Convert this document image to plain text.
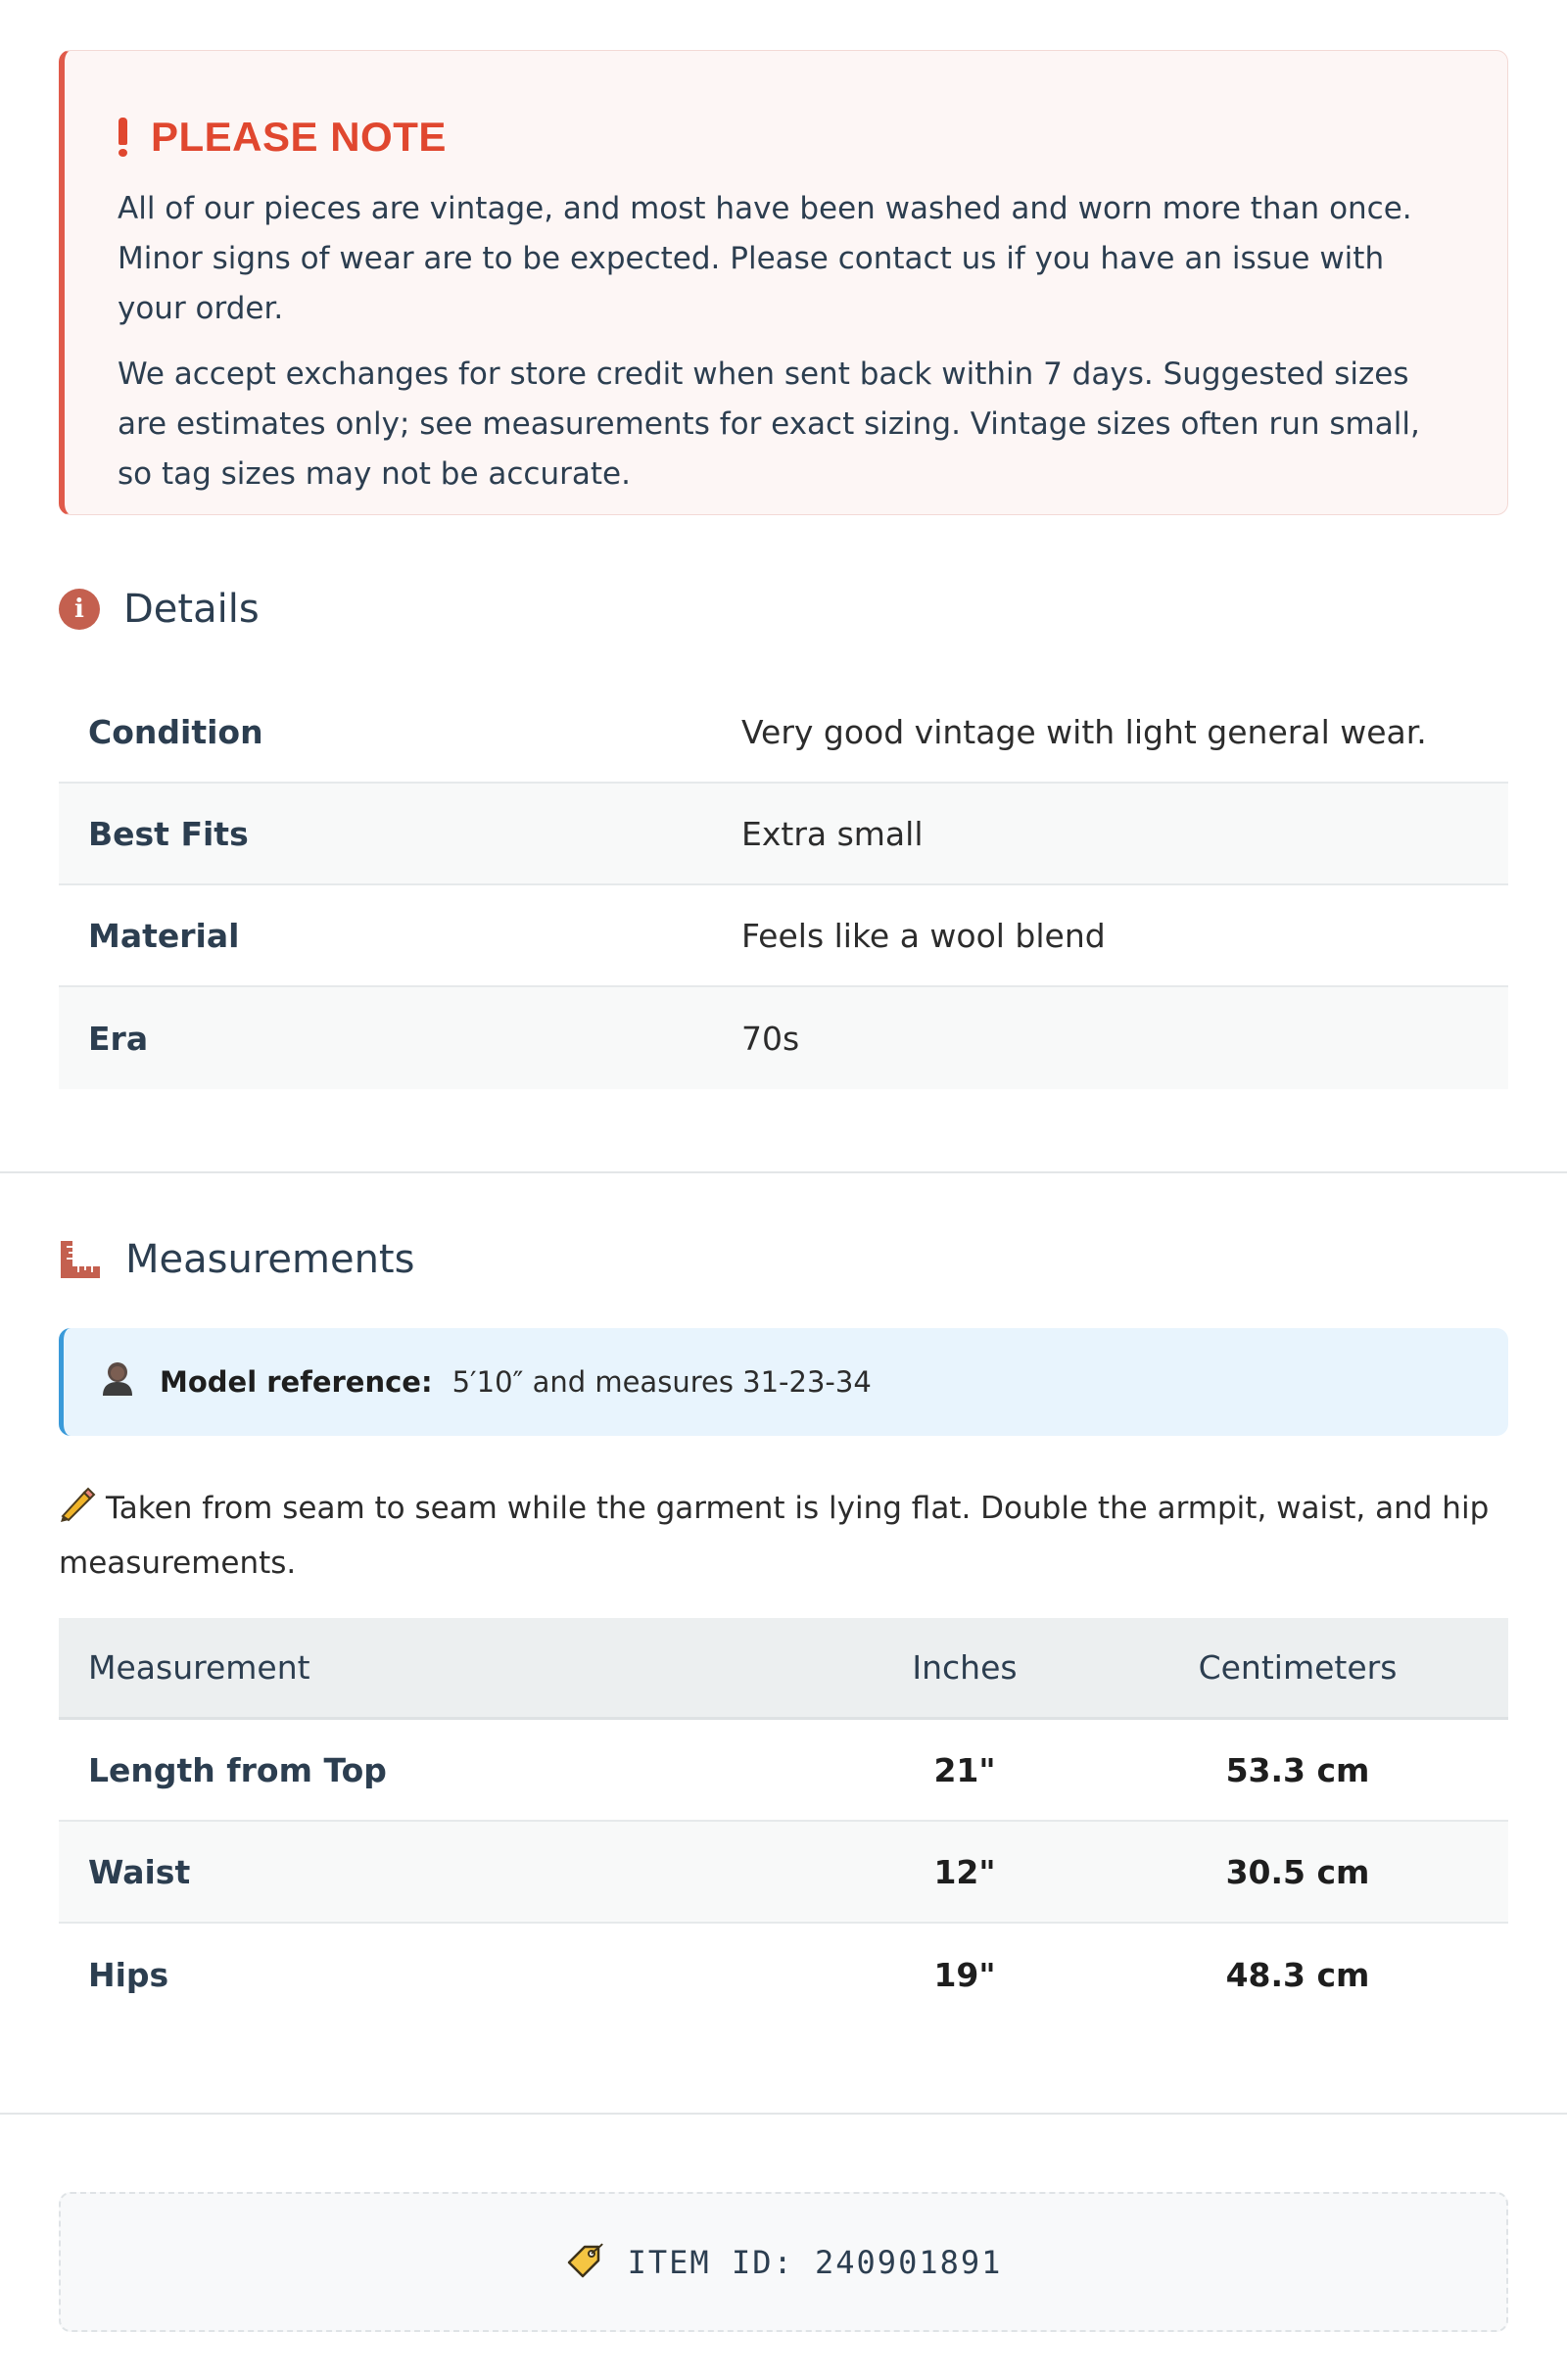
PLEASE NOTE

All of our pieces are vintage, and most have been washed and worn more than once. Minor signs of wear are to be expected. Please contact us if you have an issue with your order.

We accept exchanges for store credit when sent back within 7 days. Suggested sizes are estimates only; see measurements for exact sizing. Vintage sizes often run small, so tag sizes may not be accurate.

i	Details
Condition	Very good vintage with light general wear.
Best Fits	Extra small
Material	Feels like a wool blend
Era	70s
Measurements
Model reference: 5′10″ and measures 31-23-34
Taken from seam to seam while the garment is lying flat. Double the armpit, waist, and hip measurements.
Measurement	Inches	Centimeters
Length from Top	21"	53.3 cm
Waist	12"	30.5 cm
Hips	19"	48.3 cm
ITEM ID: 240901891
